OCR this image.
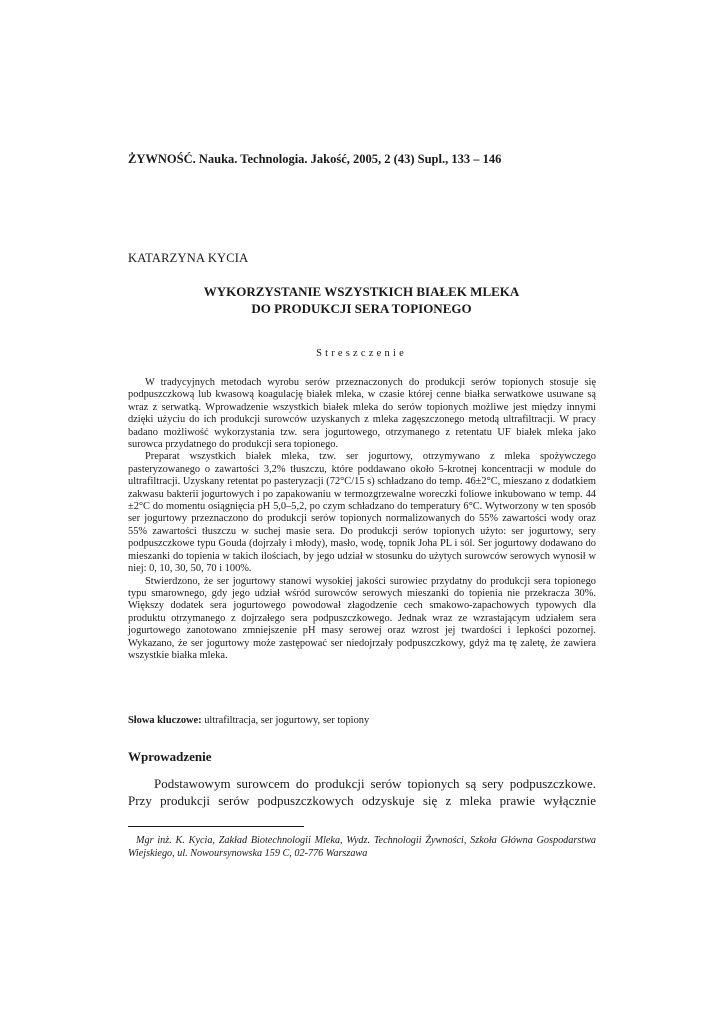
ŻYWNOŚĆ. Nauka. Technologia. Jakość, 2005, 2 (43) Supl., 133 – 146
KATARZYNA KYCIA
WYKORZYSTANIE WSZYSTKICH BIAŁEK MLEKA
DO PRODUKCJI SERA TOPIONEGO
Streszczenie

W tradycyjnych metodach wyrobu serów przeznaczonych do produkcji serów topionych stosuje się podpuszczkową lub kwasową koagulację białek mleka, w czasie której cenne białka serwatkowe usuwane są wraz z serwatką. Wprowadzenie wszystkich białek mleka do serów topionych możliwe jest między innymi dzięki użyciu do ich produkcji surowców uzyskanych z mleka zagęszczonego metodą ultrafiltracji. W pracy badano możliwość wykorzystania tzw. sera jogurtowego, otrzymanego z retentatu UF białek mleka jako surowca przydatnego do produkcji sera topionego.

Preparat wszystkich białek mleka, tzw. ser jogurtowy, otrzymywano z mleka spożywczego pasteryzowanego o zawartości 3,2% tłuszczu, które poddawano około 5-krotnej koncentracji w module do ultrafiltracji. Uzyskany retentat po pasteryzacji (72°C/15 s) schładzano do temp. 46±2°C, mieszano z dodatkiem zakwasu bakterii jogurtowych i po zapakowaniu w termozgrzewalne woreczki foliowe inkubowano w temp. 44 ±2°C do momentu osiągnięcia pH 5,0–5,2, po czym schładzano do temperatury 6°C. Wytworzony w ten sposób ser jogurtowy przeznaczono do produkcji serów topionych normalizowanych do 55% zawartości wody oraz 55% zawartości tłuszczu w suchej masie sera. Do produkcji serów topionych użyto: ser jogurtowy, sery podpuszczkowe typu Gouda (dojrzały i młody), masło, wodę, topnik Joha PL i sól. Ser jogurtowy dodawano do mieszanki do topienia w takich ilościach, by jego udział w stosunku do użytych surowców serowych wynosił w niej: 0, 10, 30, 50, 70 i 100%.

Stwierdzono, że ser jogurtowy stanowi wysokiej jakości surowiec przydatny do produkcji sera topionego typu smarownego, gdy jego udział wśród surowców serowych mieszanki do topienia nie przekracza 30%. Większy dodatek sera jogurtowego powodował złagodzenie cech smakowo-zapachowych typowych dla produktu otrzymanego z dojrzałego sera podpuszczkowego. Jednak wraz ze wzrastającym udziałem sera jogurtowego zanotowano zmniejszenie pH masy serowej oraz wzrost jej twardości i lepkości pozornej. Wykazano, że ser jogurtowy może zastępować ser niedojrzały podpuszczkowy, gdyż ma tę zaletę, że zawiera wszystkie białka mleka.

Słowa kluczowe: ultrafiltracja, ser jogurtowy, ser topiony
Wprowadzenie

Podstawowym surowcem do produkcji serów topionych są sery podpuszczkowe. Przy produkcji serów podpuszczkowych odzyskuje się z mleka prawie wyłącznie

Mgr inż. K. Kycia, Zakład Biotechnologii Mleka, Wydz. Technologii Żywności, Szkoła Główna Gospodarstwa Wiejskiego, ul. Nowoursynowska 159 C, 02-776 Warszawa
